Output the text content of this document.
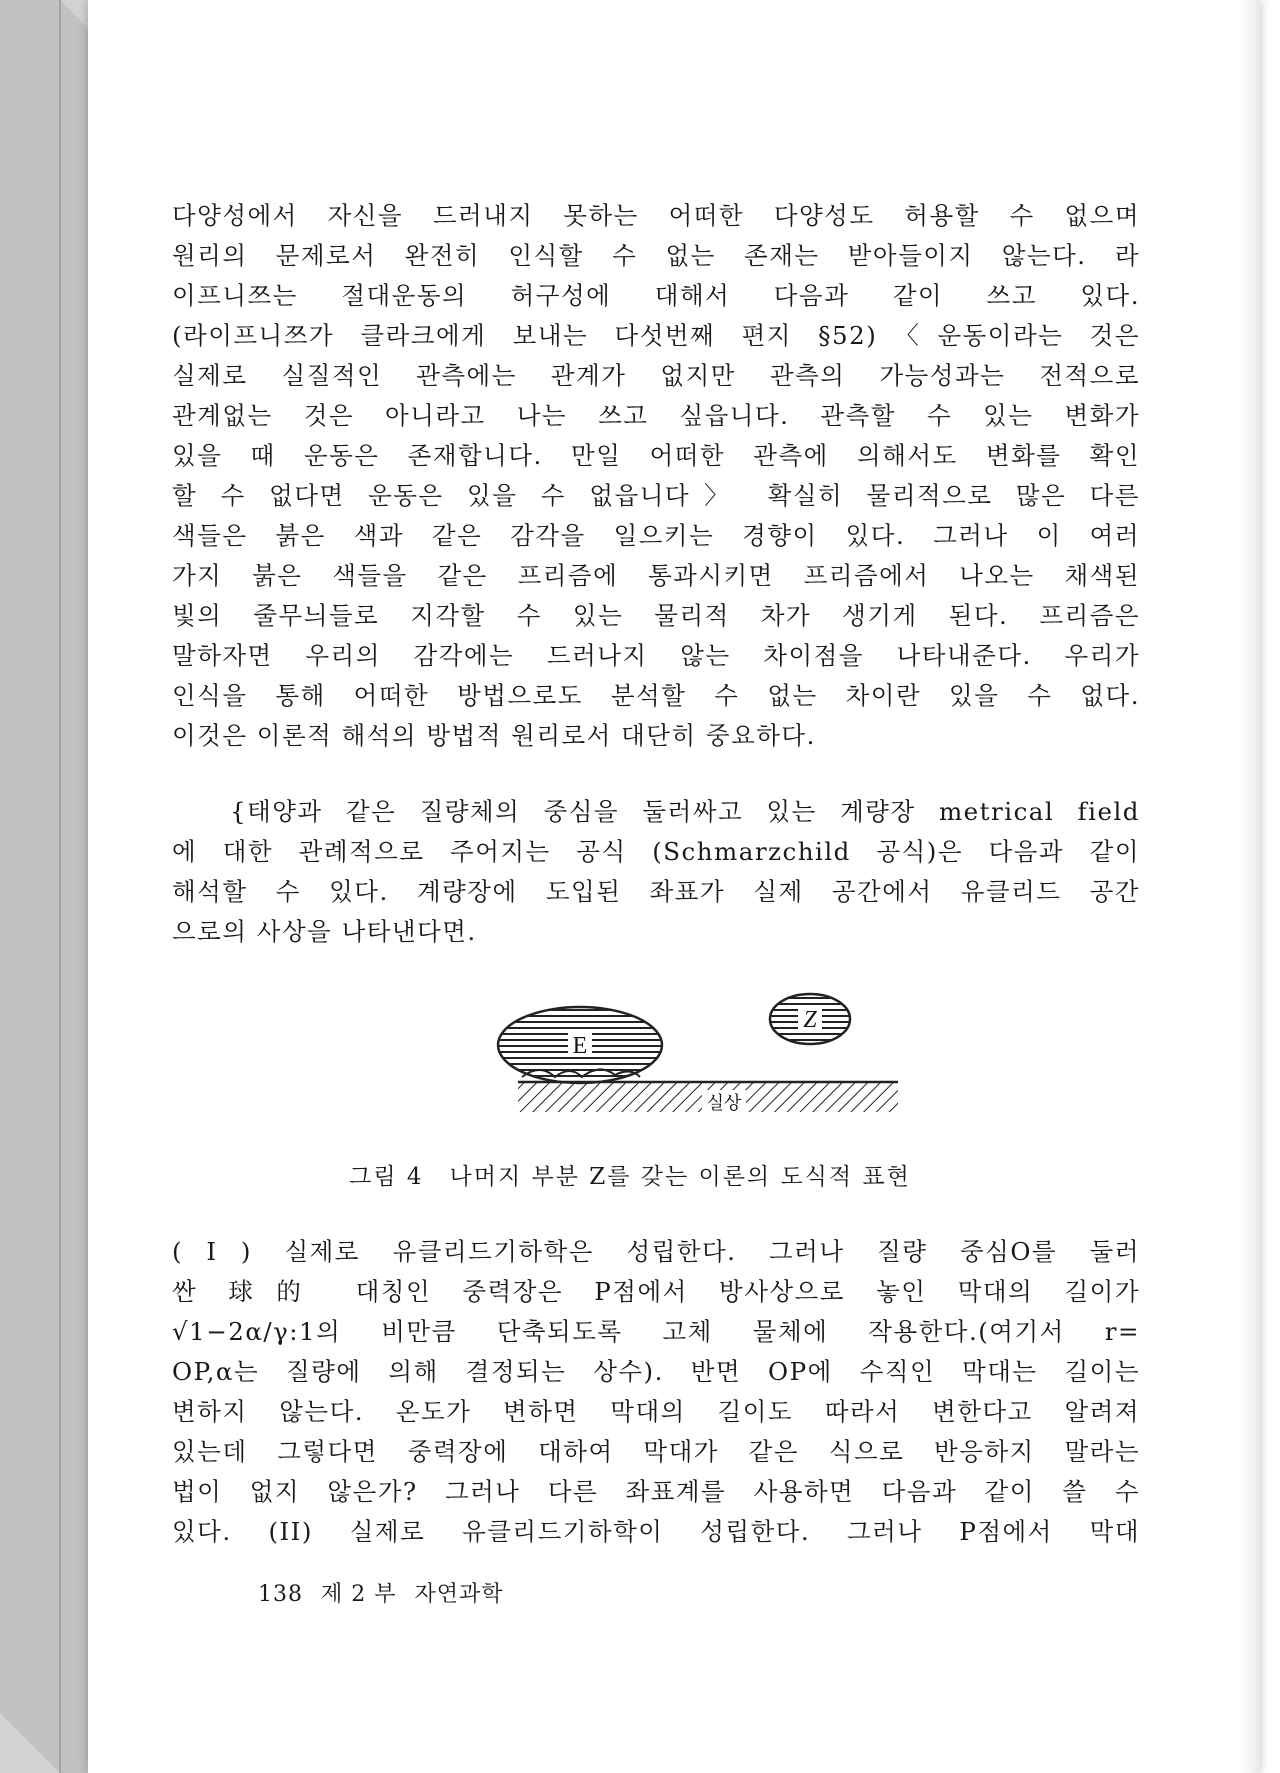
다양성에서 자신을 드러내지 못하는 어떠한 다양성도 허용할 수 없으며
원리의 문제로서 완전히 인식할 수 없는 존재는 받아들이지 않는다. 라
이프니쯔는 절대운동의 허구성에 대해서 다음과 같이 쓰고 있다.
(라이프니쯔가 클라크에게 보내는 다섯번째 편지 §52)〈운동이라는 것은
실제로 실질적인 관측에는 관계가 없지만 관측의 가능성과는 전적으로
관계없는 것은 아니라고 나는 쓰고 싶읍니다. 관측할 수 있는 변화가
있을 때 운동은 존재합니다. 만일 어떠한 관측에 의해서도 변화를 확인
할 수 없다면 운동은 있을 수 없읍니다〉 확실히 물리적으로 많은 다른
색들은 붉은 색과 같은 감각을 일으키는 경향이 있다. 그러나 이 여러
가지 붉은 색들을 같은 프리즘에 통과시키면 프리즘에서 나오는 채색된
빛의 줄무늬들로 지각할 수 있는 물리적 차가 생기게 된다. 프리즘은
말하자면 우리의 감각에는 드러나지 않는 차이점을 나타내준다. 우리가
인식을 통해 어떠한 방법으로도 분석할 수 없는 차이란 있을 수 없다.
이것은 이론적 해석의 방법적 원리로서 대단히 중요하다.
{태양과 같은 질량체의 중심을 둘러싸고 있는 계량장 metrical field
에 대한 관례적으로 주어지는 공식 (Schmarzchild 공식)은 다음과 같이
해석할 수 있다. 계량장에 도입된 좌표가 실제 공간에서 유클리드 공간
으로의 사상을 나타낸다면.
E
Z
실상
그림 4 나머지 부분 Z를 갖는 이론의 도식적 표현
(Ⅰ) 실제로 유클리드기하학은 성립한다. 그러나 질량 중심O를 둘러
싼 球的 대칭인 중력장은 P점에서 방사상으로 놓인 막대의 길이가
√1−2α/γ:1의 비만큼 단축되도록 고체 물체에 작용한다.(여기서 r=
OP,α는 질량에 의해 결정되는 상수). 반면 OP에 수직인 막대는 길이는
변하지 않는다. 온도가 변하면 막대의 길이도 따라서 변한다고 알려져
있는데 그렇다면 중력장에 대하여 막대가 같은 식으로 반응하지 말라는
법이 없지 않은가? 그러나 다른 좌표계를 사용하면 다음과 같이 쓸 수
있다. (II) 실제로 유클리드기하학이 성립한다. 그러나 P점에서 막대
138 제 2 부 자연과학
